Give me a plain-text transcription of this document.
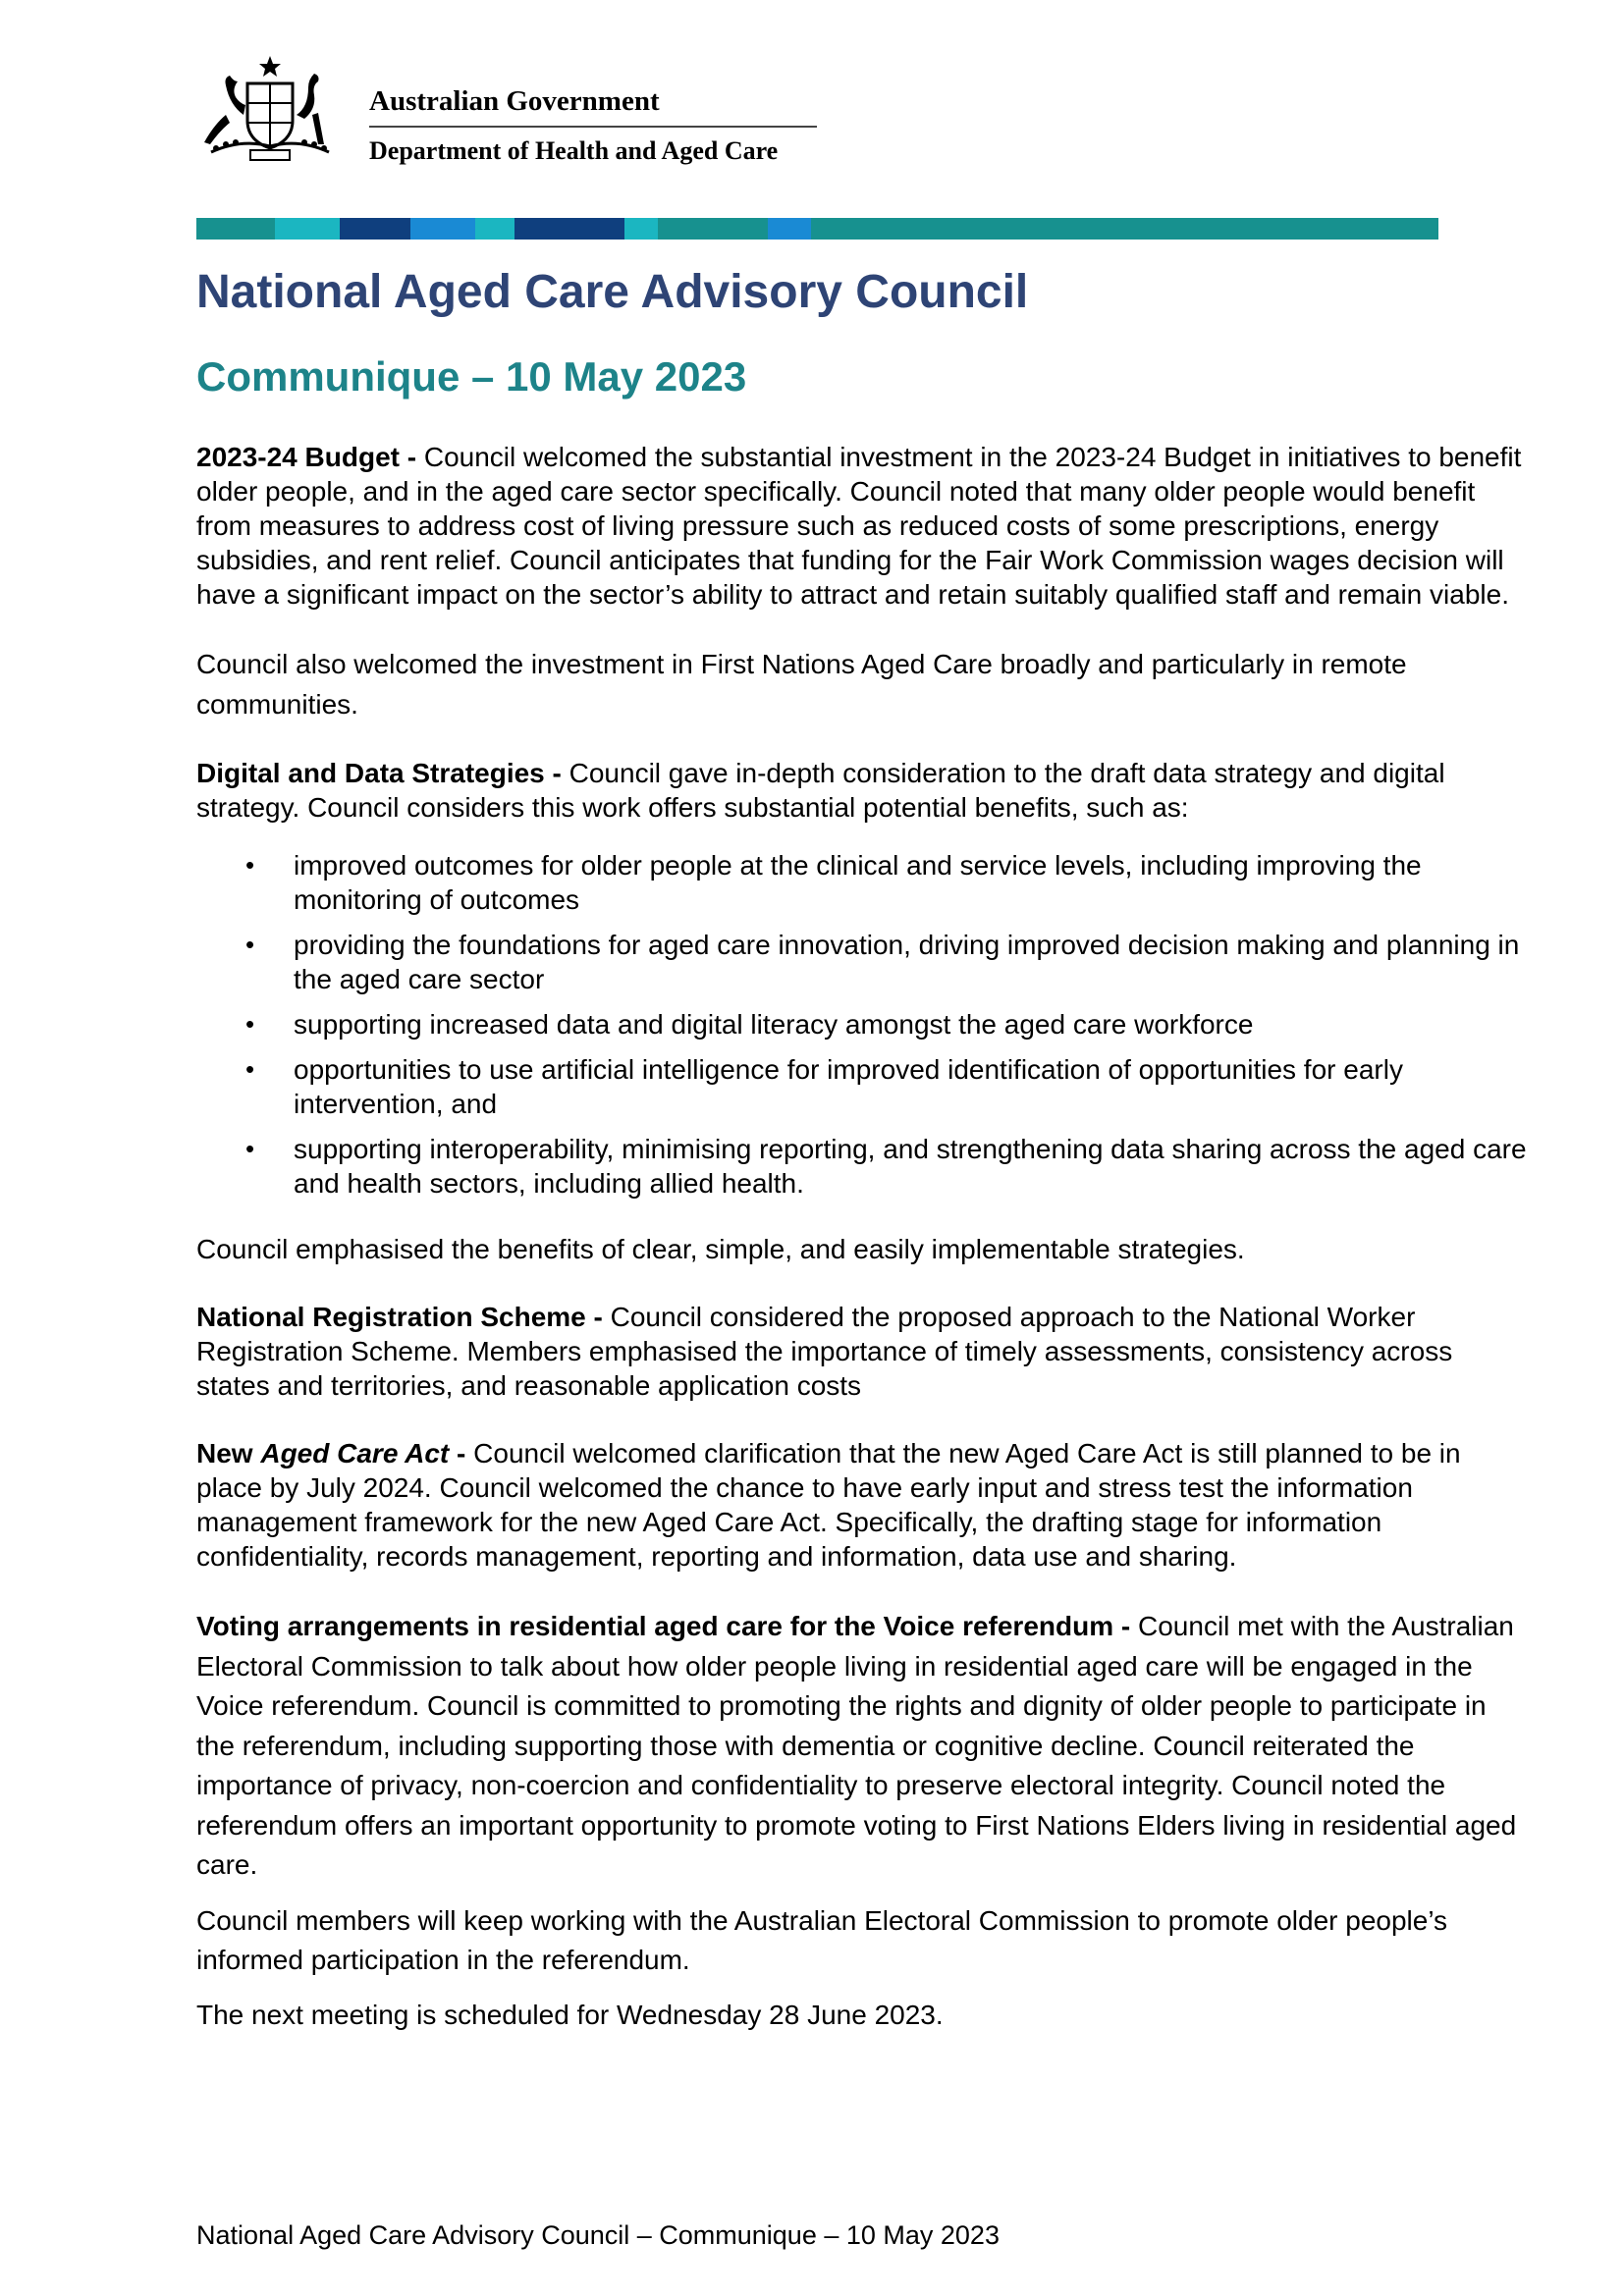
Australian Government
Department of Health and Aged Care
National Aged Care Advisory Council
Communique – 10 May 2023

2023-24 Budget - Council welcomed the substantial investment in the 2023-24 Budget in initiatives to benefit older people, and in the aged care sector specifically. Council noted that many older people would benefit from measures to address cost of living pressure such as reduced costs of some prescriptions, energy subsidies, and rent relief. Council anticipates that funding for the Fair Work Commission wages decision will have a significant impact on the sector’s ability to attract and retain suitably qualified staff and remain viable.

Council also welcomed the investment in First Nations Aged Care broadly and particularly in remote communities.

Digital and Data Strategies - Council gave in-depth consideration to the draft data strategy and digital strategy. Council considers this work offers substantial potential benefits, such as:

• improved outcomes for older people at the clinical and service levels, including improving the monitoring of outcomes
• providing the foundations for aged care innovation, driving improved decision making and planning in the aged care sector
• supporting increased data and digital literacy amongst the aged care workforce
• opportunities to use artificial intelligence for improved identification of opportunities for early intervention, and
• supporting interoperability, minimising reporting, and strengthening data sharing across the aged care and health sectors, including allied health.

Council emphasised the benefits of clear, simple, and easily implementable strategies.

National Registration Scheme - Council considered the proposed approach to the National Worker Registration Scheme. Members emphasised the importance of timely assessments, consistency across states and territories, and reasonable application costs

New Aged Care Act - Council welcomed clarification that the new Aged Care Act is still planned to be in place by July 2024. Council welcomed the chance to have early input and stress test the information management framework for the new Aged Care Act. Specifically, the drafting stage for information confidentiality, records management, reporting and information, data use and sharing.

Voting arrangements in residential aged care for the Voice referendum - Council met with the Australian Electoral Commission to talk about how older people living in residential aged care will be engaged in the Voice referendum. Council is committed to promoting the rights and dignity of older people to participate in the referendum, including supporting those with dementia or cognitive decline. Council reiterated the importance of privacy, non-coercion and confidentiality to preserve electoral integrity. Council noted the referendum offers an important opportunity to promote voting to First Nations Elders living in residential aged care.

Council members will keep working with the Australian Electoral Commission to promote older people’s informed participation in the referendum.

The next meeting is scheduled for Wednesday 28 June 2023.

National Aged Care Advisory Council – Communique – 10 May 2023
